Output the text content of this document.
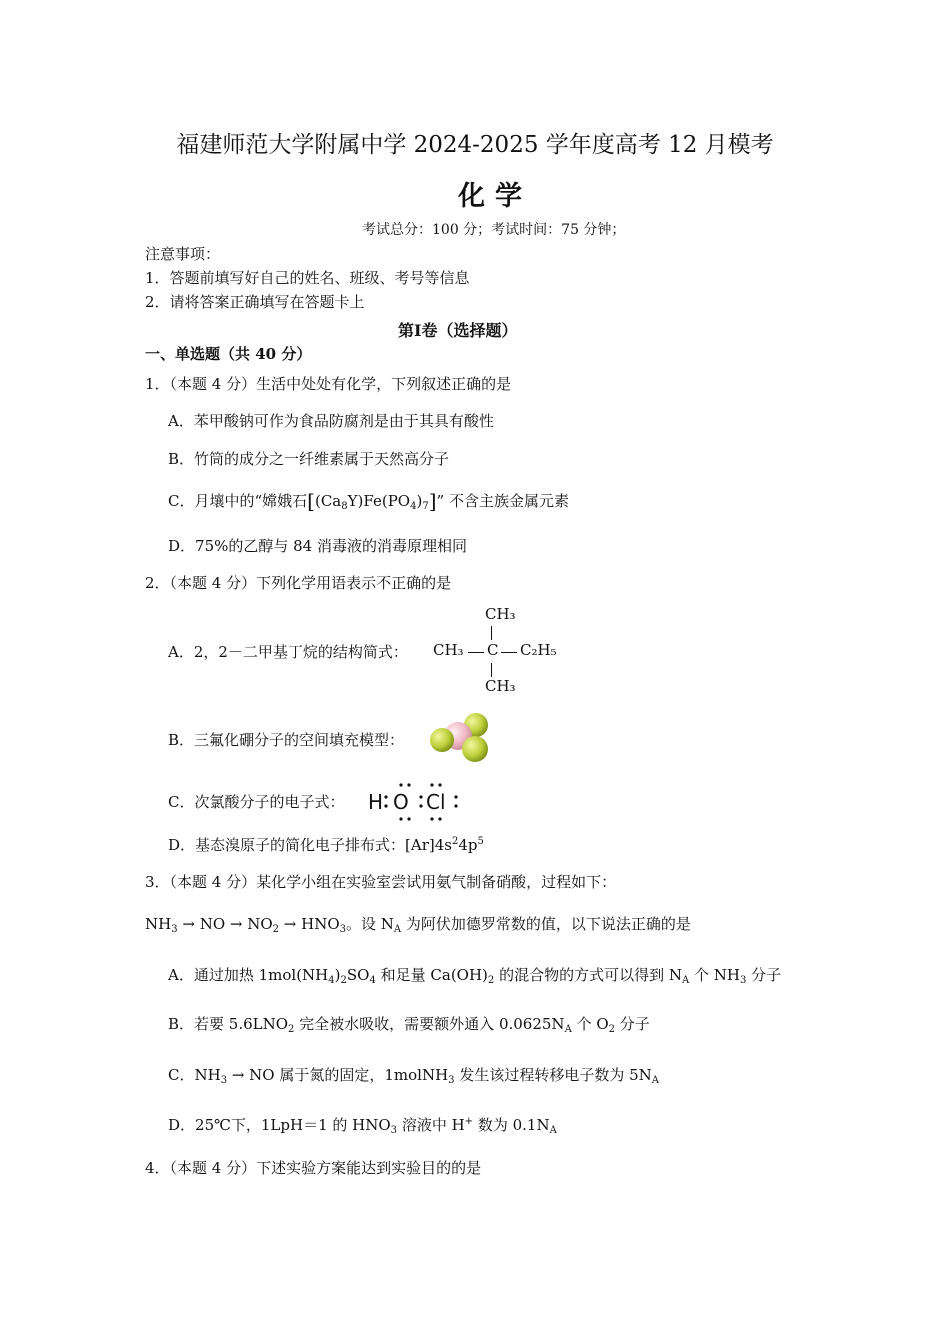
福建师范大学附属中学 2024-2025 学年度高考 12 月模考
化学
考试总分：100 分；考试时间：75 分钟；
注意事项：
1．答题前填写好自己的姓名、班级、考号等信息
2．请将答案正确填写在答题卡上
第Ⅰ卷（选择题）
一、单选题（共 40 分）
1．（本题 4 分）生活中处处有化学，下列叙述正确的是
A．苯甲酸钠可作为食品防腐剂是由于其具有酸性
B．竹筒的成分之一纤维素属于天然高分子
C．月壤中的“嫦娥石$[(Ca_8Y)Fe(PO_4)_7]$” 不含主族金属元素
D．75%的乙醇与 84 消毒液的消毒原理相同
2．（本题 4 分）下列化学用语表示不正确的是
A．2，2－二甲基丁烷的结构简式：
CH₃
CH₃ C C₂H₅
CH₃
B．三氟化硼分子的空间填充模型：
C．次氯酸分子的电子式： H O Cl
D．基态溴原子的简化电子排布式：$[Ar]4s^24p^5$
3．（本题 4 分）某化学小组在实验室尝试用氨气制备硝酸，过程如下：
$NH_3$ → NO → $NO_2 \to HNO_3$。设 $N_A$ 为阿伏加德罗常数的值，以下说法正确的是
A．通过加热 $1mol(NH_4)_2SO_4$ 和足量 $Ca(OH)_2$ 的混合物的方式可以得到 $N_A$ 个 $NH_3$ 分子
B．若要 $5.6LNO_2$ 完全被水吸收，需要额外通入 $0.0625N_A$ 个 $O_2$ 分子
C．$NH_3$ → NO 属于氮的固定，1molNH$_3$ 发生该过程转移电子数为 $5N_A$
D．25℃下，1LpH＝1 的 $HNO_3$ 溶液中 H+ 数为 $0.1N_A$
4．（本题 4 分）下述实验方案能达到实验目的的是
